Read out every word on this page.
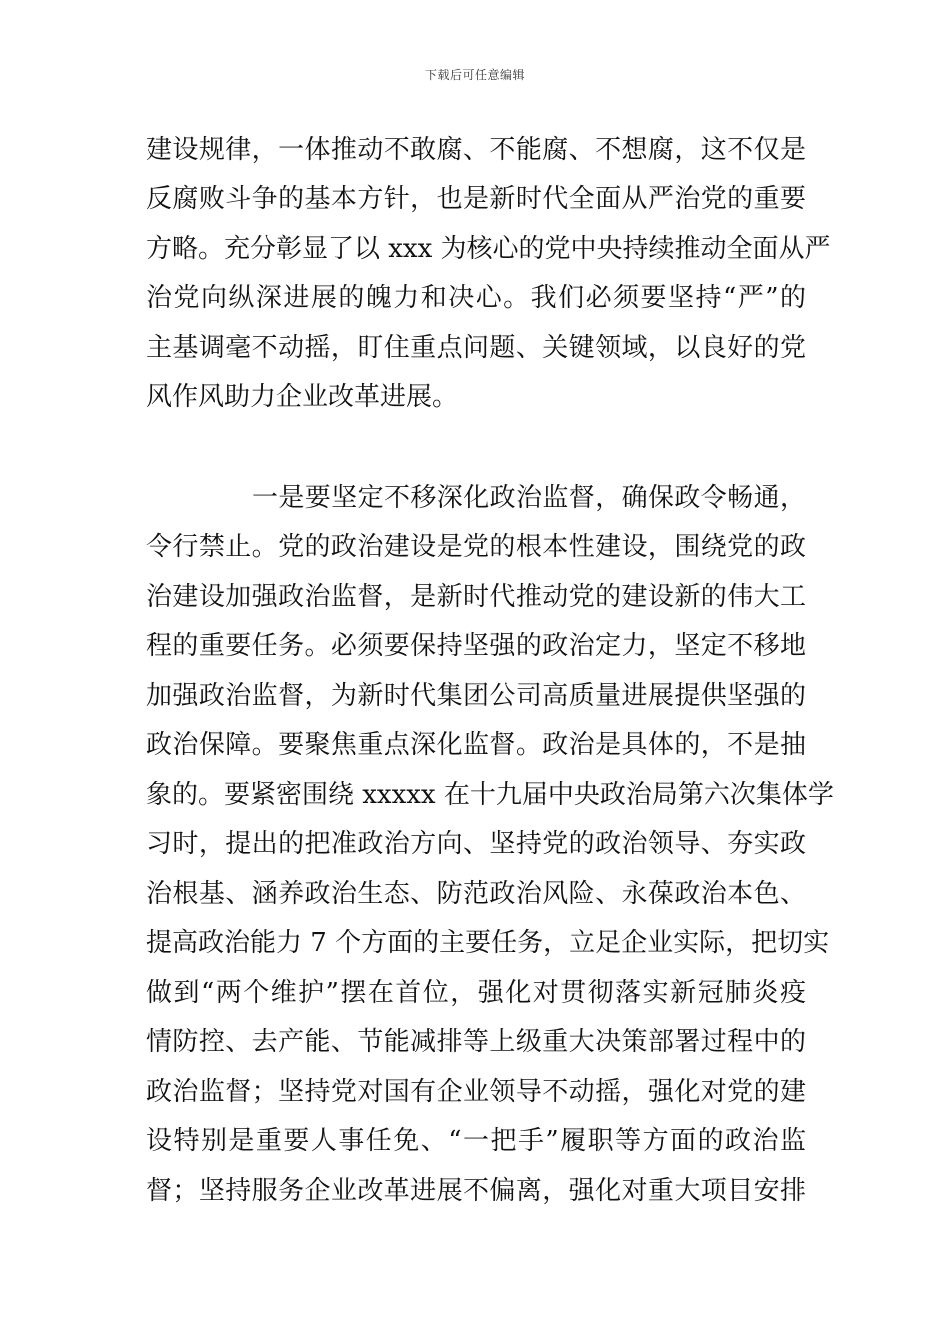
下载后可任意编辑
建设规律，一体推动不敢腐、不能腐、不想腐，这不仅是
反腐败斗争的基本方针，也是新时代全面从严治党的重要
方略。充分彰显了以 xxx 为核心的党中央持续推动全面从严
治党向纵深进展的魄力和决心。我们必须要坚持“严”的
主基调毫不动摇，盯住重点问题、关键领域，以良好的党
风作风助力企业改革进展。
一是要坚定不移深化政治监督，确保政令畅通，
令行禁止。党的政治建设是党的根本性建设，围绕党的政
治建设加强政治监督，是新时代推动党的建设新的伟大工
程的重要任务。必须要保持坚强的政治定力，坚定不移地
加强政治监督，为新时代集团公司高质量进展提供坚强的
政治保障。要聚焦重点深化监督。政治是具体的，不是抽
象的。要紧密围绕 xxxxx 在十九届中央政治局第六次集体学
习时，提出的把准政治方向、坚持党的政治领导、夯实政
治根基、涵养政治生态、防范政治风险、永葆政治本色、
提高政治能力 7 个方面的主要任务，立足企业实际，把切实
做到“两个维护”摆在首位，强化对贯彻落实新冠肺炎疫
情防控、去产能、节能减排等上级重大决策部署过程中的
政治监督；坚持党对国有企业领导不动摇，强化对党的建
设特别是重要人事任免、“一把手”履职等方面的政治监
督；坚持服务企业改革进展不偏离，强化对重大项目安排
